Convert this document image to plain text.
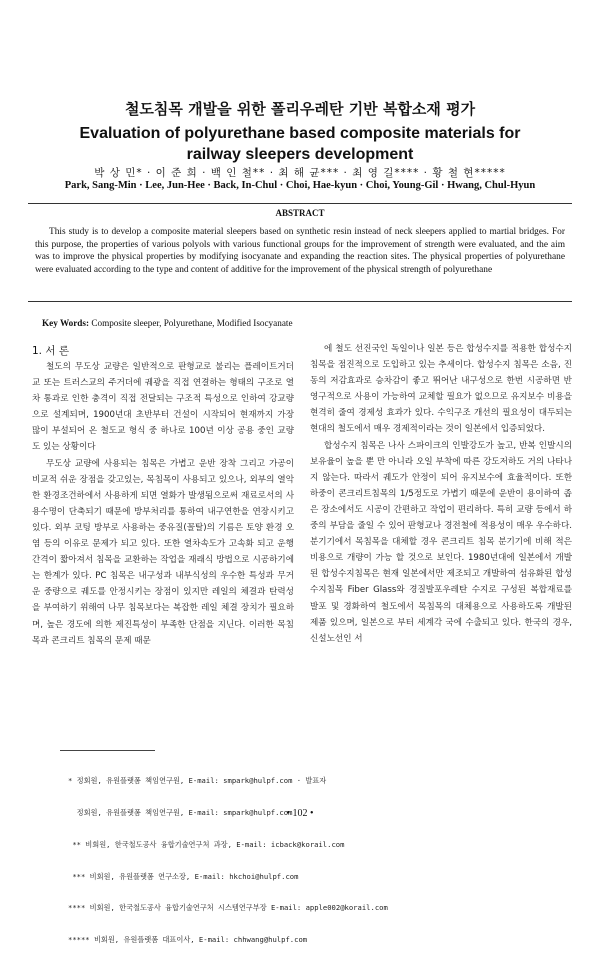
철도침목 개발을 위한 폴리우레탄 기반 복합소재 평가
Evaluation of polyurethane based composite materials for railway sleepers development
박 상 민* · 이 준 희 · 백 인 철** · 최 해 균*** · 최 영 길**** · 황 철 현*****
Park, Sang-Min · Lee, Jun-Hee · Back, In-Chul · Choi, Hae-kyun · Choi, Young-Gil · Hwang, Chul-Hyun
ABSTRACT
This study is to develop a composite material sleepers based on synthetic resin instead of neck sleepers applied to martial bridges. For this purpose, the properties of various polyols with various functional groups for the improvement of strength were evaluated, and the aim was to improve the physical properties by modifying isocyanate and expanding the reaction sites. The physical properties of polyurethane were evaluated according to the type and content of additive for the improvement of the physical strength of polyurethane
Key Words: Composite sleeper, Polyurethane, Modified Isocyanate
1. 서 론

철도의 무도상 교량은 일반적으로 판형교로 불리는 플레이트거더교 또는 트러스교의 주거더에 궤광을 직접 연결하는 형태의 구조로 열차 통과로 인한 충격이 직접 전달되는 구조적 특성으로 인하여 강교량으로 설계되며, 1900년대 초반부터 건설이 시작되어 현재까지 가장 많이 부설되어 온 철도교 형식 중 하나로 100년 이상 공용 중인 교량도 있는 상황이다

무도상 교량에 사용되는 침목은 가볍고 운반 장착 그리고 가공이 비교적 쉬운 장점을 갖고있는, 목침목이 사용되고 있으나, 외부의 열악한 환경조건하에서 사용하게 되면 열화가 발생됨으로써 재료로서의 사용수명이 단축되기 때문에 방부처리를 통하여 내구연한을 연장시키고 있다. 외부 코팅 방부로 사용하는 중유질(꼴탈)의 기름은 토양 환경 오염 등의 이유로 문제가 되고 있다. 또한 열차속도가 고속화 되고 운행간격이 짧아져서 침목을 교환하는 작업을 재래식 방법으로 시공하기에는 한계가 있다. PC 침목은 내구성과 내부식성의 우수한 특성과 무거운 중량으로 궤도를 안정시키는 장점이 있지만 레일의 체결과 탄력성을 부여하기 위해여 나무 침목보다는 복잡한 레일 체결 장치가 필요하며, 높은 경도에 의한 제진특성이 부족한 단점을 지닌다. 이러한 목침목과 콘크리트 침목의 문제 때문

에 철도 선진국인 독일이나 일본 등은 합성수지를 적용한 합성수지 침목을 점진적으로 도입하고 있는 추세이다. 합성수지 침목은 소음, 진동의 저감효과로 승차감이 좋고 뛰어난 내구성으로 한번 시공하면 반영구적으로 사용이 가능하여 교체할 필요가 없으므로 유지보수 비용을 현격히 줄여 경제성 효과가 있다. 수익구조 개선의 필요성이 대두되는 현대의 철도에서 매우 경제적이라는 것이 일본에서 입증되었다.

합성수지 침목은 나사 스파이크의 인발강도가 높고, 반복 인발시의 보유율이 높을 뿐 만 아니라 오일 부착에 따른 강도저하도 거의 나타나지 않는다. 따라서 궤도가 안정이 되어 유지보수에 효율적이다. 또한 하중이 콘크리트침목의 1/5정도로 가볍기 때문에 운반이 용이하여 좁은 장소에서도 시공이 간편하고 작업이 편리하다. 특히 교량 등에서 하중의 부담을 줄일 수 있어 판형교나 경전철에 적용성이 매우 우수하다. 분기기에서 목침목을 대체할 경우 콘크리트 침목 분기기에 비해 적은 비용으로 개량이 가능 할 것으로 보인다. 1980년대에 일본에서 개발된 합성수지침목은 현재 일본에서만 제조되고 개발하여 섬유화된 합성수지침목 Fiber Glass와 경질발포우레탄 수지로 구성된 복합재료를 발포 및 경화하여 철도에서 목침목의 대체용으로 사용하도록 개발된 제품 있으며, 일본으로 부터 세계각 국에 수출되고 있다. 한국의 경우, 신설노선인 서

* 정회원, 유원플랫폼 책임연구원, E-mail: smpark@hulpf.com · 발표자

정회원, 유원플랫폼 책임연구원, E-mail: smpark@hulpf.com

** 비회원, 한국철도공사 융합기술연구처 과장, E-mail: icback@korail.com

*** 비회원, 유원플랫폼 연구소장, E-mail: hkchoi@hulpf.com

**** 비회원, 한국철도공사 융합기술연구처 시스템연구부장 E-mail: apple002@korail.com

***** 비회원, 유원플랫폼 대표이사, E-mail: chhwang@hulpf.com

• 102 •
